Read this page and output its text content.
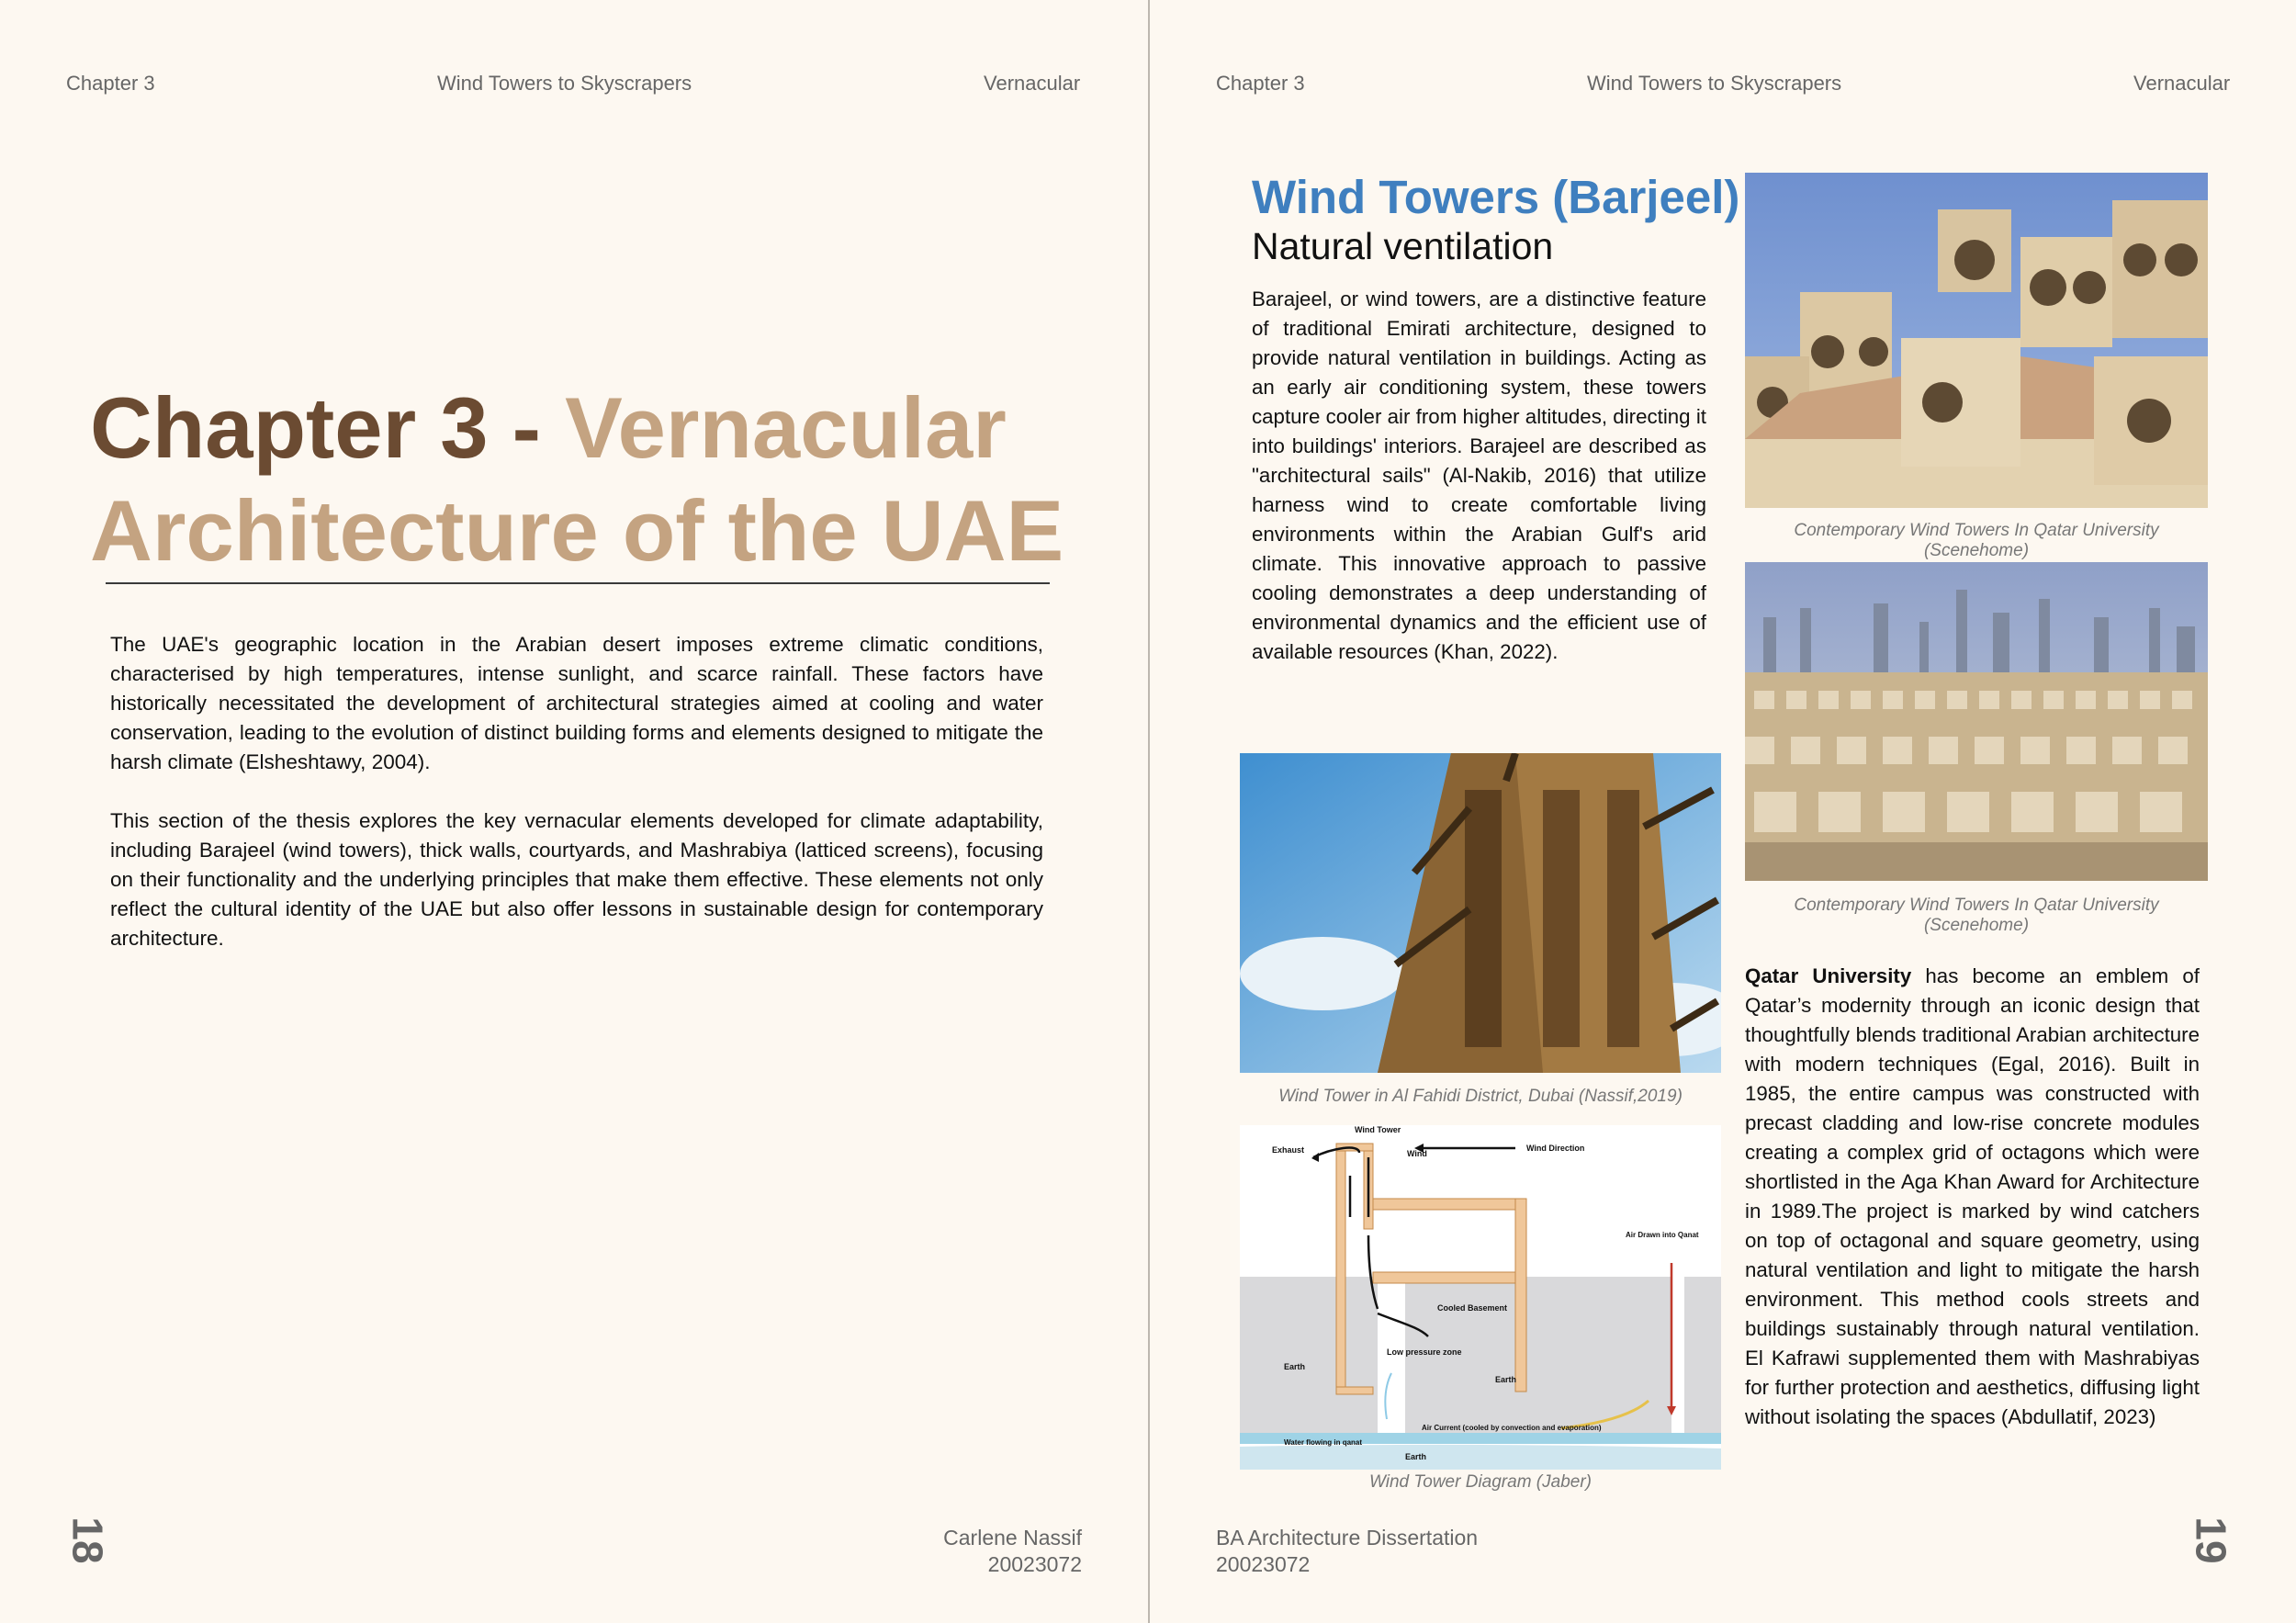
Chapter 3	Wind Towers to Skyscrapers	Vernacular	Chapter 3	Wind Towers to Skyscrapers	Vernacular
Chapter 3 - Vernacular
Architecture of the UAE

The UAE's geographic location in the Arabian desert imposes extreme climatic conditions, characterised by high temperatures, intense sunlight, and scarce rainfall. These factors have historically necessitated the development of architectural strategies aimed at cooling and water conservation, leading to the evolution of distinct building forms and elements designed to mitigate the harsh climate (Elsheshtawy, 2004).

This section of the thesis explores the key vernacular elements developed for climate adaptability, including Barajeel (wind towers), thick walls, courtyards, and Mashrabiya (latticed screens), focusing on their functionality and the underlying principles that make them effective. These elements not only reflect the cultural identity of the UAE but also offer lessons in sustainable design for contemporary architecture.

18	Carlene Nassif
20023072
Wind Towers (Barjeel)
Natural ventilation

Barajeel, or wind towers, are a distinctive feature of traditional Emirati architecture, designed to provide natural ventilation in buildings. Acting as an early air conditioning system, these towers capture cooler air from higher altitudes, directing it into buildings' interiors. Barajeel are described as "architectural sails" (Al-Nakib, 2016) that utilize harness wind to create comfortable living environments within the Arabian Gulf's arid climate. This innovative approach to passive cooling demonstrates a deep understanding of environmental dynamics and the efficient use of available resources (Khan, 2022).

Contemporary Wind Towers In Qatar University (Scenehome)
Contemporary Wind Towers In Qatar University (Scenehome)
Wind Tower in Al Fahidi District, Dubai (Nassif,2019)
Wind Tower
Exhaust	Wind
Wind Direction
Air Drawn into Qanat
Cooled Basement
Low pressure zone
Earth
Earth
Air Current (cooled by convection and evaporation)
Water flowing in qanat
Earth
Wind Tower Diagram (Jaber)

Qatar University has become an emblem of Qatar’s modernity through an iconic design that thoughtfully blends traditional Arabian architecture with modern techniques (Egal, 2016). Built in 1985, the entire campus was constructed with precast cladding and low-rise concrete modules creating a complex grid of octagons which were shortlisted in the Aga Khan Award for Architecture in 1989.The project is marked by wind catchers on top of octagonal and square geometry, using natural ventilation and light to mitigate the harsh environment. This method cools streets and buildings sustainably through natural ventilation. El Kafrawi supplemented them with Mashrabiyas for further protection and aesthetics, diffusing light without isolating the spaces (Abdullatif, 2023)

19
BA Architecture Dissertation
20023072
